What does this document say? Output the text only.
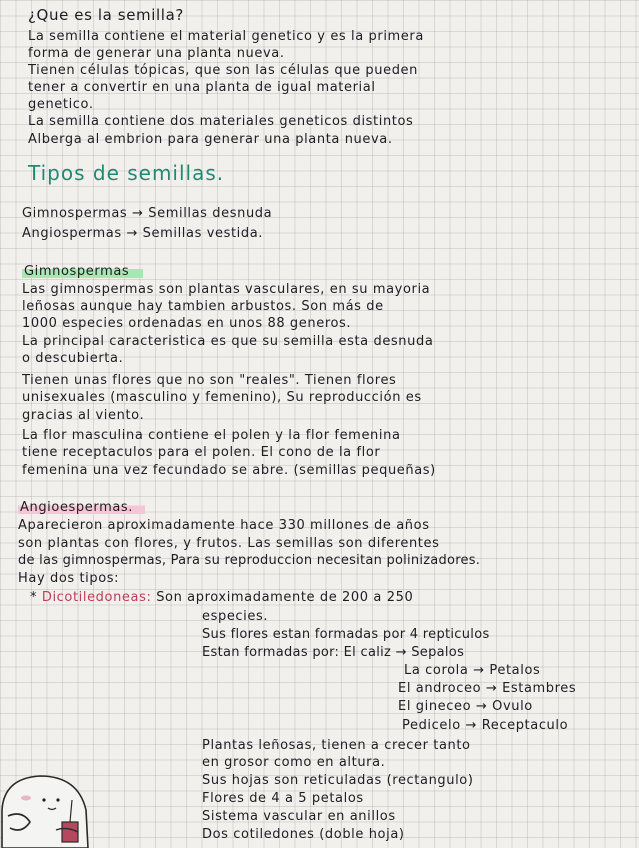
¿Que es la semilla?
La semilla contiene el material genetico y es la primera
forma de generar una planta nueva.
Tienen células tópicas, que son las células que pueden
tener a convertir en una planta de igual material
genetico.
La semilla contiene dos materiales geneticos distintos
Alberga al embrion para generar una planta nueva.
Tipos de semillas.
Gimnospermas → Semillas desnuda
Angiospermas → Semillas vestida.
Gimnospermas
Las gimnospermas son plantas vasculares, en su mayoria
leñosas aunque hay tambien arbustos. Son más de
1000 especies ordenadas en unos 88 generos.
La principal caracteristica es que su semilla esta desnuda
o descubierta.
Tienen unas flores que no son "reales". Tienen flores
unisexuales (masculino y femenino), Su reproducción es
gracias al viento.
La flor masculina contiene el polen y la flor femenina
tiene receptaculos para el polen. El cono de la flor
femenina una vez fecundado se abre. (semillas pequeñas)
Angioespermas.
Aparecieron aproximadamente hace 330 millones de años
son plantas con flores, y frutos. Las semillas son diferentes
de las gimnospermas, Para su reproduccion necesitan polinizadores.
Hay dos tipos:
* Dicotiledoneas: Son aproximadamente de 200 a 250
especies.
Sus flores estan formadas por 4 repticulos
Estan formadas por: El caliz → Sepalos
La corola → Petalos
El androceo → Estambres
El gineceo → Ovulo
Pedicelo → Receptaculo
Plantas leñosas, tienen a crecer tanto
en grosor como en altura.
Sus hojas son reticuladas (rectangulo)
Flores de 4 a 5 petalos
Sistema vascular en anillos
Dos cotiledones (doble hoja)
